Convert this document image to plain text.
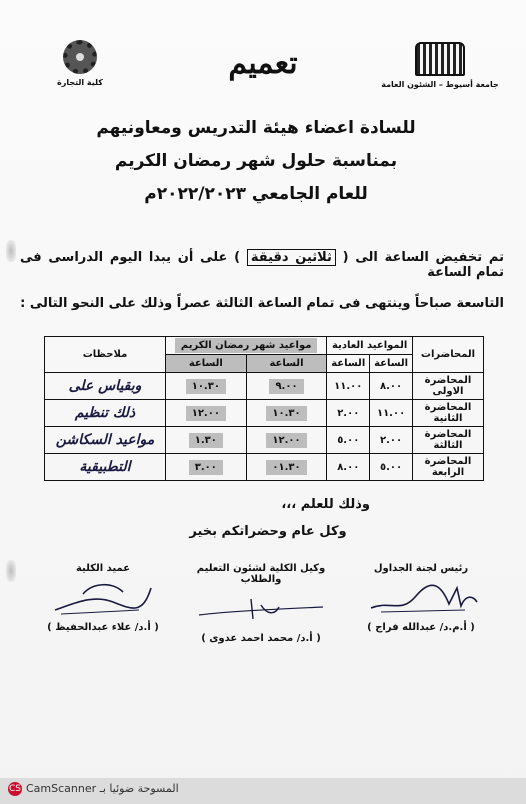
كلية التجارة
تعميم
جامعة أسيوط – الشئون العامة
للسادة اعضاء هيئة التدريس ومعاونيهم
بمناسبة حلول شهر رمضان الكريم
للعام الجامعي ٢٠٢٢/٢٠٢٣م

تم تخفيض الساعة الى ( ثلاثين دقيقة ) على أن يبدا اليوم الدراسى فى تمام الساعة

التاسعة صباحاً وينتهى فى تمام الساعة الثالثة عصراً وذلك على النحو التالى :

المحاضرات	المواعيد العادية		مواعيد شهر رمضان الكريم		ملاحظات
	الساعة	الساعة	الساعة	الساعة	
المحاضرة الاولى	٨.٠٠	١١.٠٠	٩.٠٠	١٠.٣٠	وبقياس على
المحاضرة الثانية	١١.٠٠	٢.٠٠	١٠.٣٠	١٢.٠٠	ذلك تنظيم
المحاضرة الثالثة	٢.٠٠	٥.٠٠	١٢.٠٠	١.٣٠	مواعيد السكاشن
المحاضرة الرابعة	٥.٠٠	٨.٠٠	٠١.٣٠	٣.٠٠	التطبيقية
وذلك للعلم ،،،
وكل عام وحضراتكم بخير
رئيس لجنة الجداول
( أ.م.د/ عبدالله فراج )
وكيل الكلية لشئون التعليم والطلاب
( أ.د/ محمد احمد عدوى )
عميد الكلية
( أ.د/ علاء عبدالحفيظ )
CS CamScanner المسوحة ضوئيا بـ
